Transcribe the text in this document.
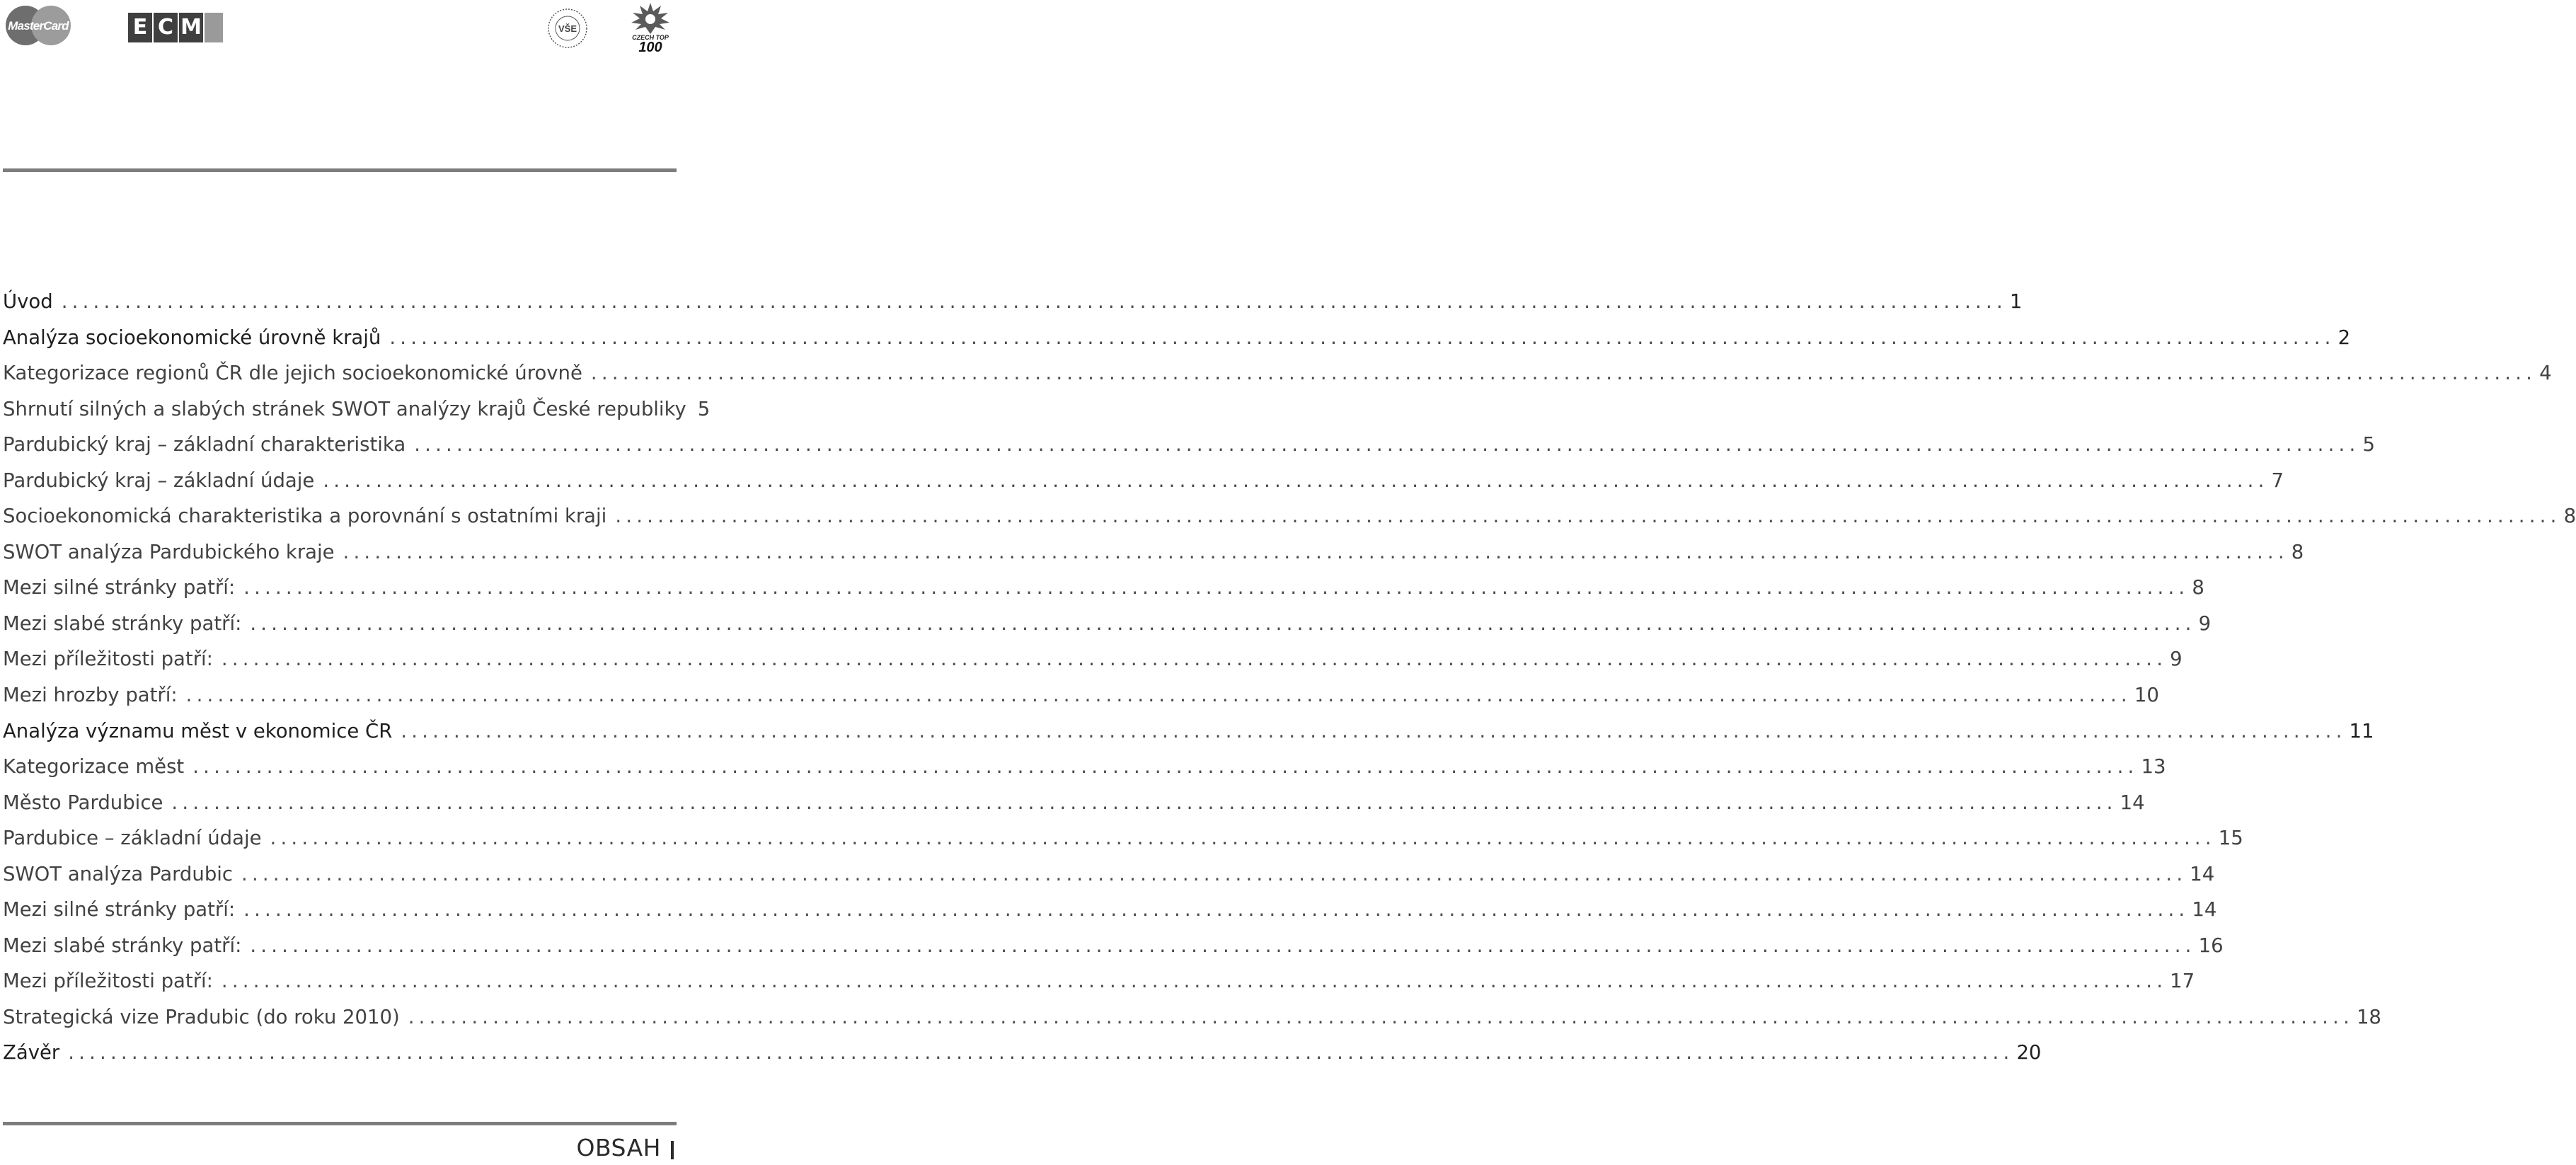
MasterCard	E C M	VŠE
CZECH TOP
100
Úvod .....	1
Analýza socioekonomické úrovně krajů .....	2
Kategorizace regionů ČR dle jejich socioekonomické úrovně .....	4
Shrnutí silných a slabých stránek SWOT analýzy krajů České republiky 5
Pardubický kraj – základní charakteristika .....	5
Pardubický kraj – základní údaje .....	7
Socioekonomická charakteristika a porovnání s ostatními kraji .....	8
SWOT analýza Pardubického kraje .....	8
Mezi silné stránky patří: .....	8
Mezi slabé stránky patří: .....	9
Mezi příležitosti patří: .....	9
Mezi hrozby patří: .....	10
Analýza významu měst v ekonomice ČR .....	11
Kategorizace měst .....	13
Město Pardubice .....	14
Pardubice – základní údaje .....	15
SWOT analýza Pardubic .....	14
Mezi silné stránky patří: .....	14
Mezi slabé stránky patří: .....	16
Mezi příležitosti patří: .....	17
Strategická vize Pradubic (do roku 2010) .....	18
Závěr .....	20
OBSAH
